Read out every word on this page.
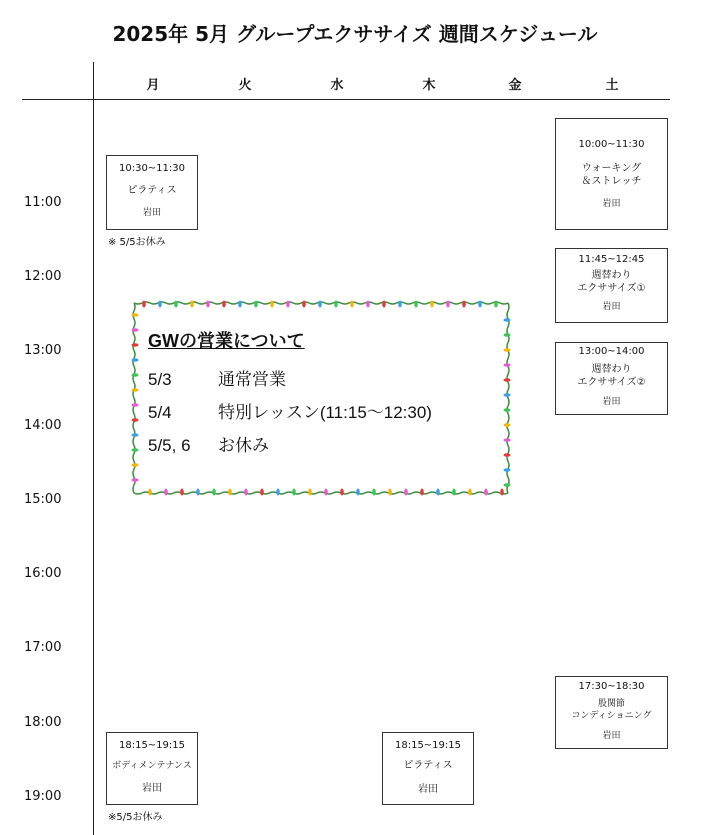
2025年 5月 グループエクササイズ 週間スケジュール
月	火	水	木	金	土
11:00
12:00
13:00
14:00
15:00
16:00
17:00
18:00
19:00
10:30~11:30
ピラティス
岩田
※ 5/5お休み
10:00~11:30
ウォーキング
＆ストレッチ
岩田
11:45~12:45
週替わり
エクササイズ①
岩田
13:00~14:00
週替わり
エクササイズ②
岩田
17:30~18:30
股関節
コンディショニング
岩田
18:15~19:15
ボディメンテナンス
岩田
※5/5お休み
18:15~19:15
ピラティス
岩田
GWの営業について
5/3	通常営業
5/4	特別レッスン(11:15〜12:30)
5/5, 6 お休み
